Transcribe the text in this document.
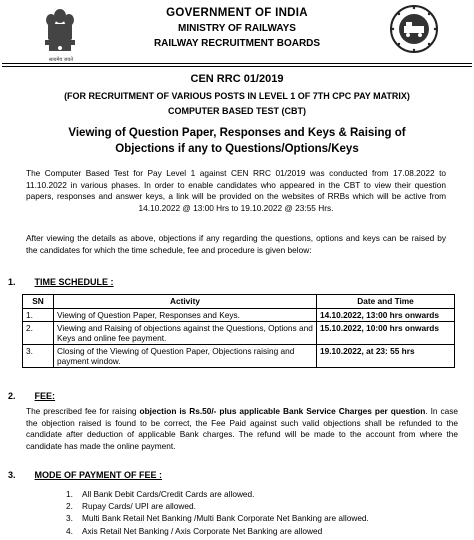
सत्यमेव जयते
GOVERNMENT OF INDIA
MINISTRY OF RAILWAYS
RAILWAY RECRUITMENT BOARDS
CEN RRC 01/2019
(FOR RECRUITMENT OF VARIOUS POSTS IN LEVEL 1 OF 7TH CPC PAY MATRIX)
COMPUTER BASED TEST (CBT)
Viewing of Question Paper, Responses and Keys & Raising of
Objections if any to Questions/Options/Keys
The Computer Based Test for Pay Level 1 against CEN RRC 01/2019 was conducted from 17.08.2022 to 11.10.2022 in various phases. In order to enable candidates who appeared in the CBT to view their question papers, responses and answer keys, a link will be provided on the websites of RRBs which will be active from 14.10.2022 @ 13:00 Hrs to 19.10.2022 @ 23:55 Hrs.
After viewing the details as above, objections if any regarding the questions, options and keys can be raised by the candidates for which the time schedule, fee and procedure is given below:
1. TIME SCHEDULE :
SN	Activity	Date and Time
1.	Viewing of Question Paper, Responses and Keys.	14.10.2022, 13:00 hrs onwards
2.	Viewing and Raising of objections against the Questions, Options and Keys and online fee payment.	15.10.2022, 10:00 hrs onwards
3.	Closing of the Viewing of Question Paper, Objections raising and payment window.	19.10.2022, at 23: 55 hrs
2. FEE:
The prescribed fee for raising objection is Rs.50/- plus applicable Bank Service Charges per question. In case the objection raised is found to be correct, the Fee Paid against such valid objections shall be refunded to the candidate after deduction of applicable Bank charges. The refund will be made to the account from where the candidate has made the online payment.
3. MODE OF PAYMENT OF FEE :
1. All Bank Debit Cards/Credit Cards are allowed.
2. Rupay Cards/ UPI are allowed.
3. Multi Bank Retail Net Banking /Multi Bank Corporate Net Banking are allowed.
4. Axis Retail Net Banking / Axis Corporate Net Banking are allowed
